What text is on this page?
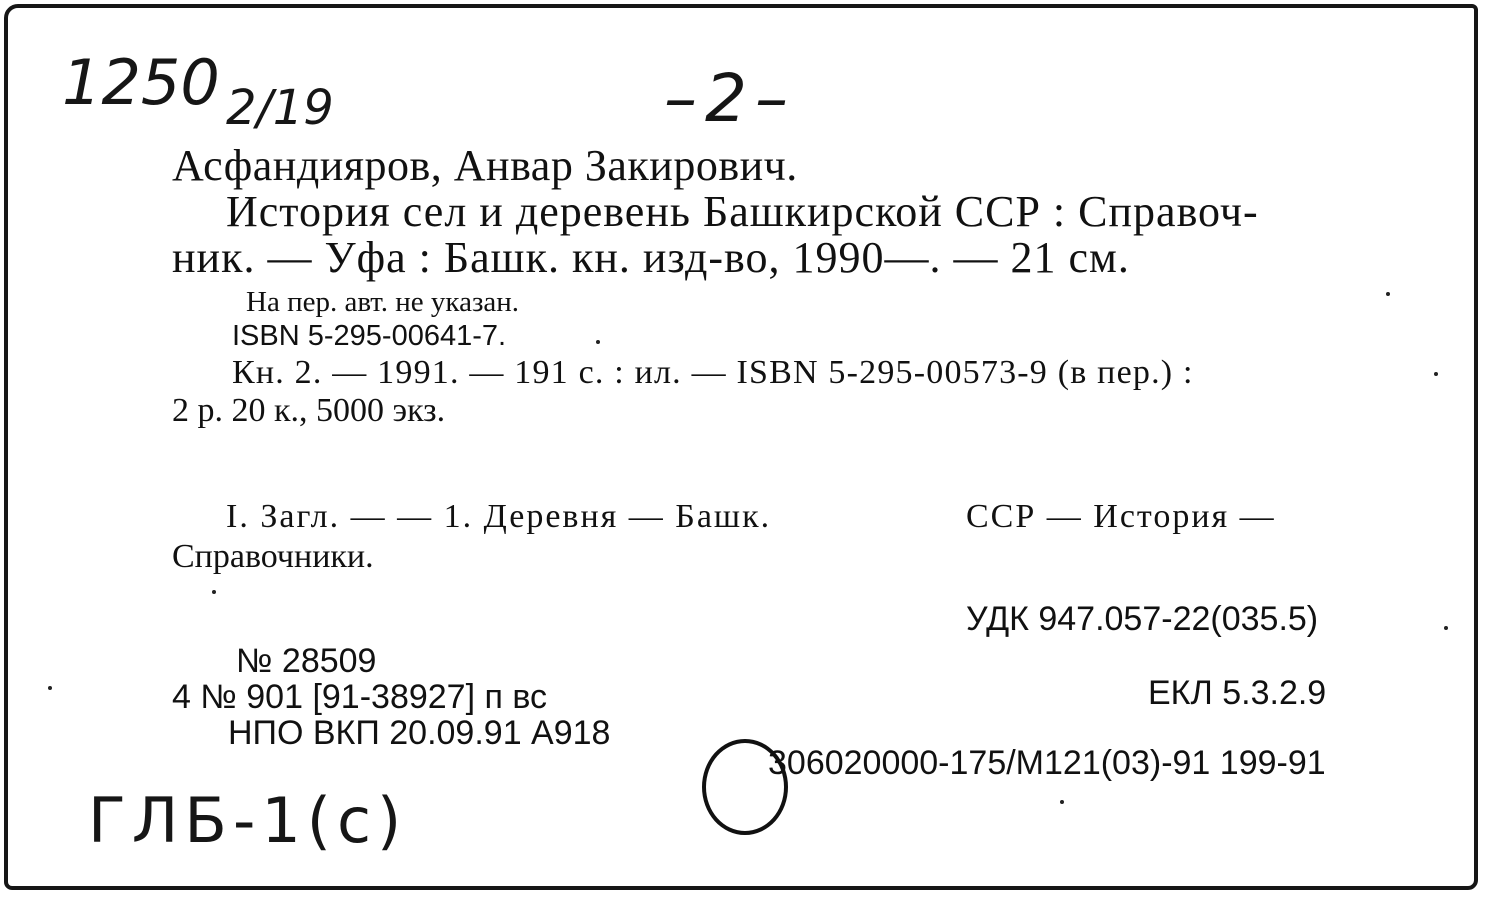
1250 2/19	–2–
ГЛБ-1(с)
Асфандияров, Анвар Закирович.
История сел и деревень Башкирской ССР : Справоч-
ник. — Уфа : Башк. кн. изд-во, 1990—. — 21 см.
На пер. авт. не указан.
ISBN 5-295-00641-7.
Кн. 2. — 1991. — 191 с. : ил. — ISBN 5-295-00573-9 (в пер.) :
2 р. 20 к., 5000 экз.
I. Загл. — — 1. Деревня — Башк.	ССР — История —
Справочники.
УДК 947.057-22(035.5)
№ 28509
4 № 901 [91-38927] п вс	ЕКЛ 5.3.2.9
НПО ВКП 20.09.91 А918
306020000-175/М121(03)-91 199-91
